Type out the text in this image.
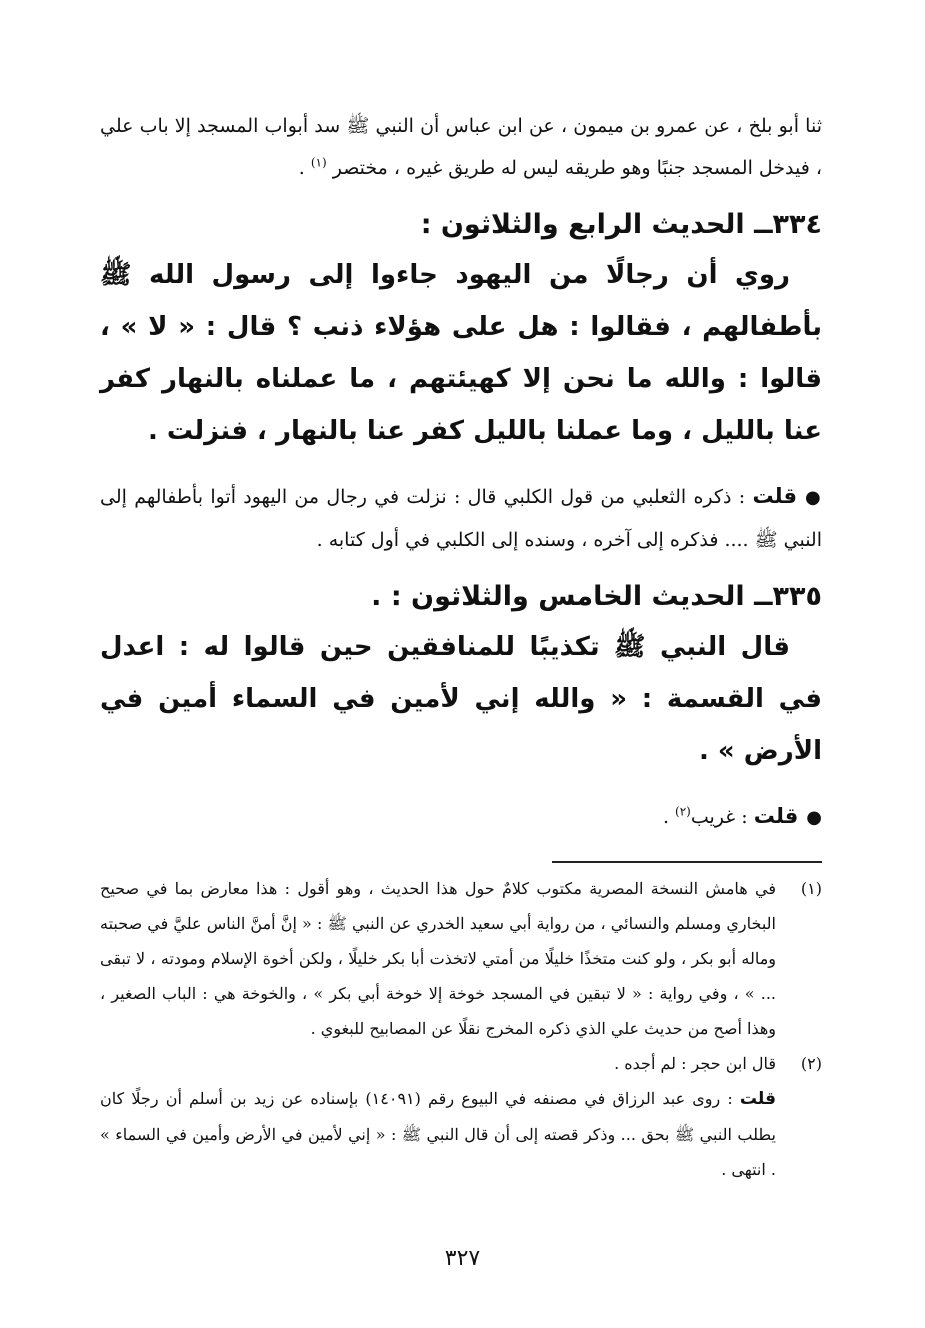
ثنا أبو بلخ ، عن عمرو بن ميمون ، عن ابن عباس أن النبي ﷺ سد أبواب المسجد إلا باب علي ، فيدخل المسجد جنبًا وهو طريقه ليس له طريق غيره ، مختصر $^{(١)}$ .

٣٣٤ــ الحديث الرابع والثلاثون :

روي أن رجالًا من اليهود جاءوا إلى رسول الله ﷺ بأطفالهم ، فقالوا : هل على هؤلاء ذنب ؟ قال : « لا » ، قالوا : والله ما نحن إلا كهيئتهم ، ما عملناه بالنهار كفر عنا بالليل ، وما عملنا بالليل كفر عنا بالنهار ، فنزلت .

●قلت : ذكره الثعلبي من قول الكلبي قال : نزلت في رجال من اليهود أتوا بأطفالهم إلى النبي ﷺ .... فذكره إلى آخره ، وسنده إلى الكلبي في أول كتابه .

٣٣٥ــ الحديث الخامس والثلاثون : .

قال النبي ﷺ تكذيبًا للمنافقين حين قالوا له : اعدل في القسمة : « والله إني لأمين في السماء أمين في الأرض » .

●قلت : غريب$^{(٢)}$ .

(١)
في هامش النسخة المصرية مكتوب كلامٌ حول هذا الحديث ، وهو أقول : هذا معارض بما في صحيح البخاري ومسلم والنسائي ، من رواية أبي سعيد الخدري عن النبي ﷺ : « إنَّ أمنَّ الناس عليَّ في صحبته وماله أبو بكر ، ولو كنت متخذًا خليلًا من أمتي لاتخذت أبا بكر خليلًا ، ولكن أخوة الإسلام ومودته ، لا تبقى ... » ، وفي رواية : « لا تبقين في المسجد خوخة إلا خوخة أبي بكر » ، والخوخة هي : الباب الصغير ، وهذا أصح من حديث علي الذي ذكره المخرج نقلًا عن المصابيح للبغوي .
(٢)
قال ابن حجر : لم أجده .

قلت : روى عبد الرزاق في مصنفه في البيوع رقم (١٤٠٩١) بإسناده عن زيد بن أسلم أن رجلًا كان يطلب النبي ﷺ بحق ... وذكر قصته إلى أن قال النبي ﷺ : « إني لأمين في الأرض وأمين في السماء » . انتهى .

٣٢٧
